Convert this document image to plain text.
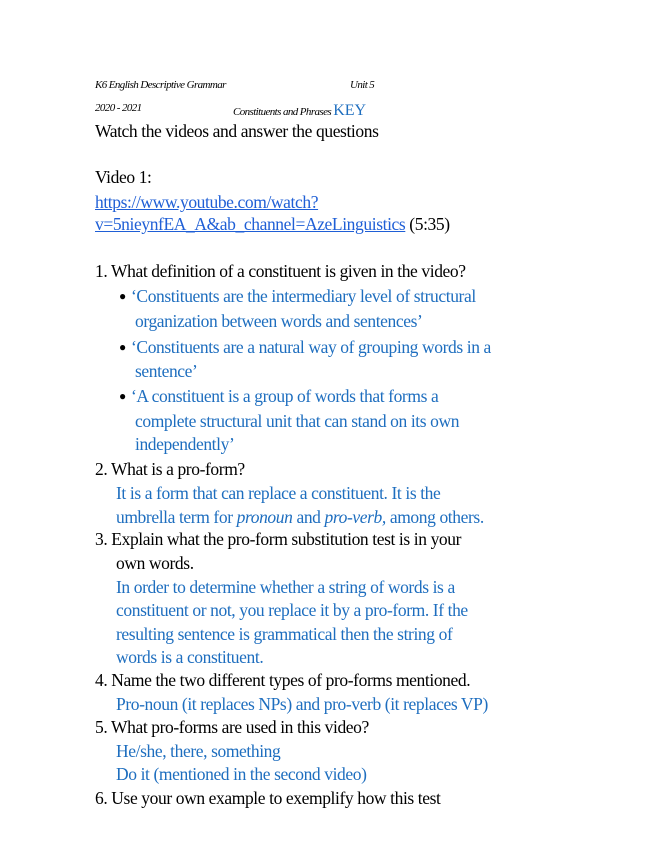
K6 English Descriptive Grammar	Unit 5
2020 - 2021	Constituents and Phrases KEY
Watch the videos and answer the questions
Video 1:
https://www.youtube.com/watch?
v=5nieynfEA_A&ab_channel=AzeLinguistics (5:35)
1. What definition of a constituent is given in the video?
● ‘Constituents are the intermediary level of structural
organization between words and sentences’
● ‘Constituents are a natural way of grouping words in a
sentence’
● ‘A constituent is a group of words that forms a
complete structural unit that can stand on its own
independently’
2. What is a pro-form?
It is a form that can replace a constituent. It is the
umbrella term for pronoun and pro-verb, among others.
3. Explain what the pro-form substitution test is in your
own words.
In order to determine whether a string of words is a
constituent or not, you replace it by a pro-form. If the
resulting sentence is grammatical then the string of
words is a constituent.
4. Name the two different types of pro-forms mentioned.
Pro-noun (it replaces NPs) and pro-verb (it replaces VP)
5. What pro-forms are used in this video?
He/she, there, something
Do it (mentioned in the second video)
6. Use your own example to exemplify how this test
